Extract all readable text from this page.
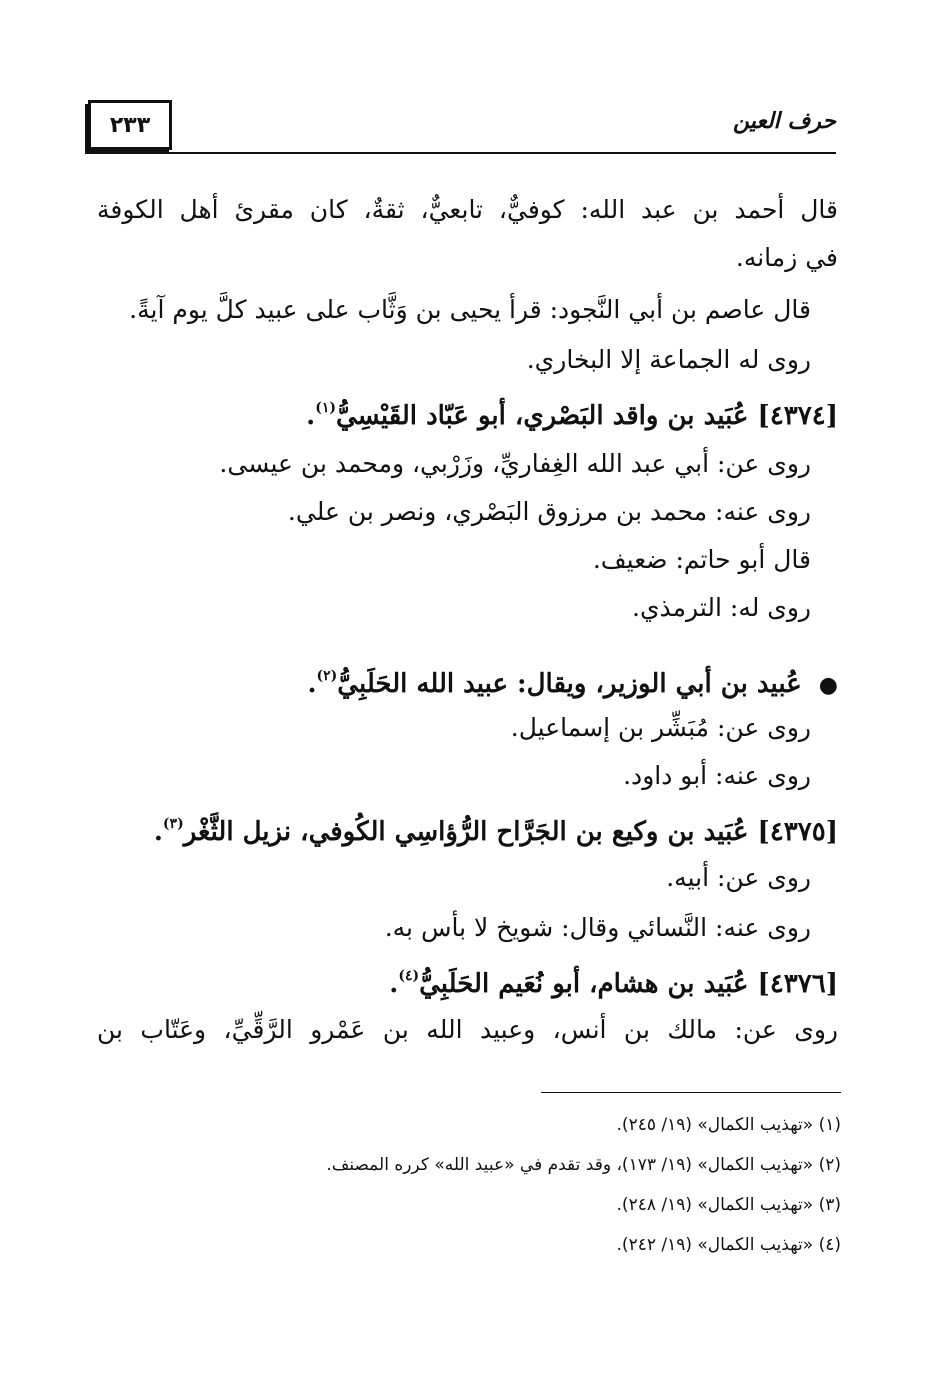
٢٣٣	حرف العين
قال أحمد بن عبد الله: كوفيٌّ، تابعيٌّ، ثقةٌ، كان مقرئ أهل الكوفة
في زمانه.
قال عاصم بن أبي النَّجود: قرأ يحيى بن وَثَّاب على عبيد كلَّ يوم آيةً.
روى له الجماعة إلا البخاري.
[٤٣٧٤] عُبَيد بن واقد البَصْري، أبو عَبّاد القَيْسِيُّ$^{(١)}$.
روى عن: أبي عبد الله الغِفاريِّ، وزَرْبي، ومحمد بن عيسى.
روى عنه: محمد بن مرزوق البَصْري، ونصر بن علي.
قال أبو حاتم: ضعيف.
روى له: الترمذي.
● عُبيد بن أبي الوزير، ويقال: عبيد الله الحَلَبِيُّ$^{(٢)}$.
روى عن: مُبَشِّر بن إسماعيل.
روى عنه: أبو داود.
[٤٣٧٥] عُبَيد بن وكيع بن الجَرَّاح الرُّؤاسِي الكُوفي، نزيل الثَّغْر$^{(٣)}$.
روى عن: أبيه.
روى عنه: النَّسائي وقال: شويخ لا بأس به.
[٤٣٧٦] عُبَيد بن هشام، أبو نُعَيم الحَلَبِيُّ$^{(٤)}$.
روى عن: مالك بن أنس، وعبيد الله بن عَمْرو الرَّقِّيِّ، وعَتّاب بن
(١) «تهذيب الكمال» (١٩/ ٢٤٥).
(٢) «تهذيب الكمال» (١٩/ ١٧٣)، وقد تقدم في «عبيد الله» كرره المصنف.
(٣) «تهذيب الكمال» (١٩/ ٢٤٨).
(٤) «تهذيب الكمال» (١٩/ ٢٤٢).
